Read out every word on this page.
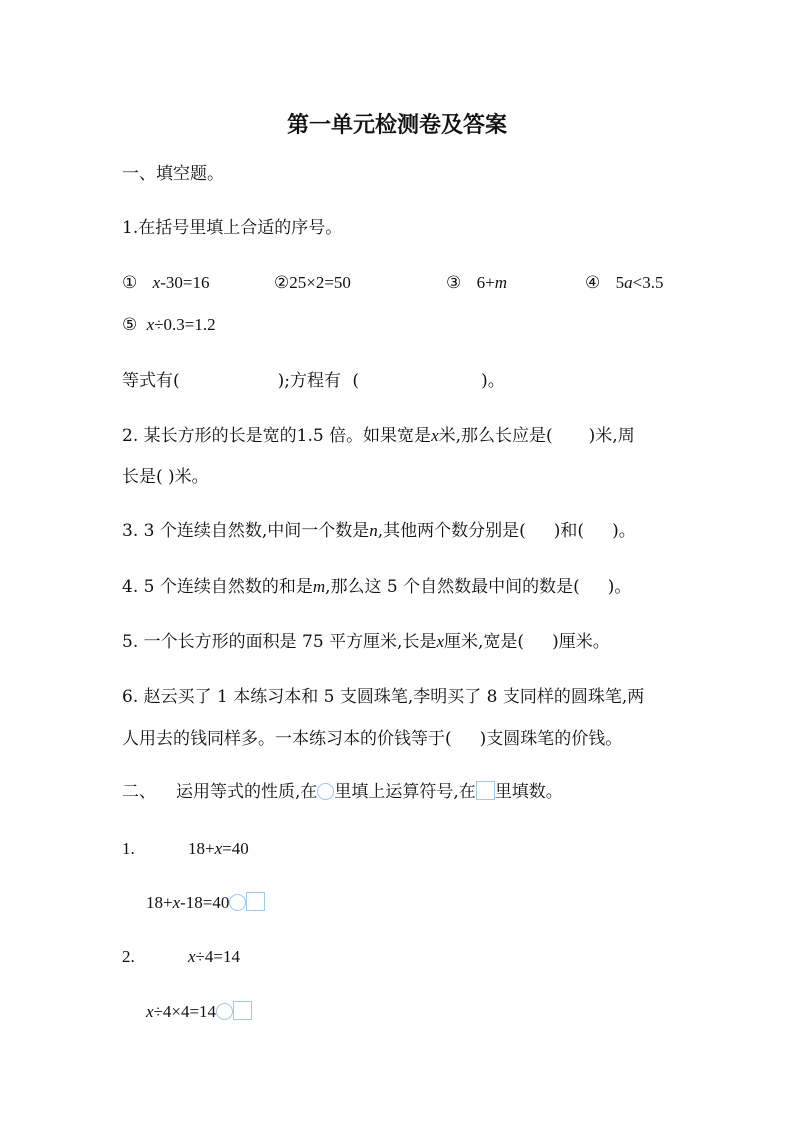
第一单元检测卷及答案
一、填空题。
1.在括号里填上合适的序号。
① x-30=16	②25×2=50	③ 6+m	④ 5a<3.5
⑤ x÷0.3=1.2
等式有(	);方程有 (	)。
2. 某长方形的长是宽的1.5 倍。如果宽是x米,那么长应是( )米,周
长是( )米。
3. 3 个连续自然数,中间一个数是n,其他两个数分别是( )和( )。
4. 5 个连续自然数的和是m,那么这 5 个自然数最中间的数是( )。
5. 一个长方形的面积是 75 平方厘米,长是x厘米,宽是( )厘米。
6. 赵云买了 1 本练习本和 5 支圆珠笔,李明买了 8 支同样的圆珠笔,两
人用去的钱同样多。一本练习本的价钱等于( )支圆珠笔的价钱。
二、 运用等式的性质,在 里填上运算符号,在 里填数。
1.	18+x=40
18+x-18=40
2.	x÷4=14
x÷4×4=14
